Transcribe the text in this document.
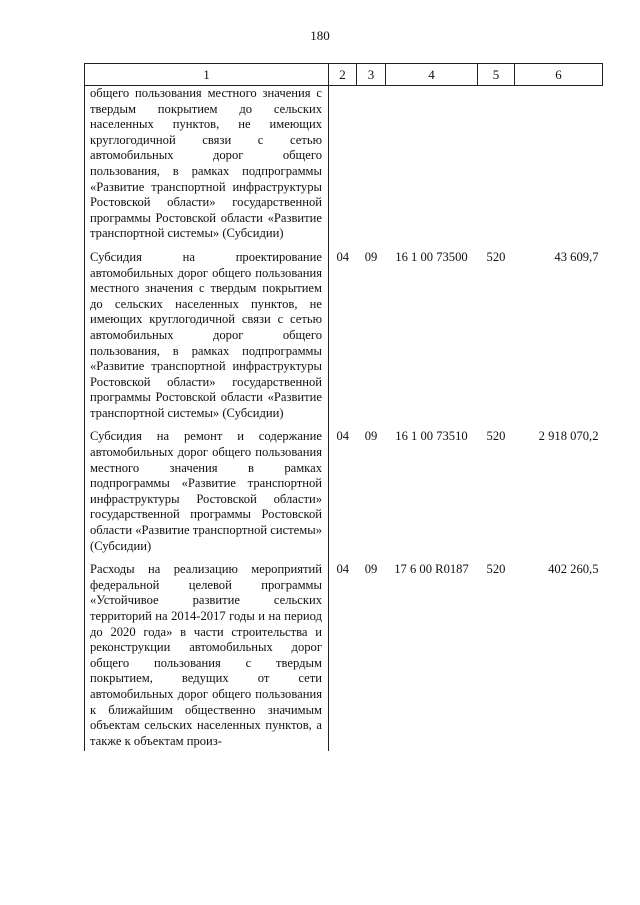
180
1	2	3	4	5	6
общего пользования местного значения с твердым покрытием до сельских населенных пунктов, не имеющих круглогодичной связи с сетью автомобильных дорог общего пользования, в рамках подпрограммы «Развитие транспортной инфраструктуры Ростовской области» государственной программы Ростовской области «Развитие транспортной системы» (Субсидии)					
Субсидия на проектирование автомобильных дорог общего пользования местного значения с твердым покрытием до сельских населенных пунктов, не имеющих круглогодичной связи с сетью автомобильных дорог общего пользования, в рамках подпрограммы «Развитие транспортной инфраструктуры Ростовской области» государственной программы Ростовской области «Развитие транспортной системы» (Субсидии)	04	09	16 1 00 73500	520	43 609,7
Субсидия на ремонт и содержание автомобильных дорог общего пользования местного значения в рамках подпрограммы «Развитие транспортной инфраструктуры Ростовской области» государственной программы Ростовской области «Развитие транспортной системы» (Субсидии)	04	09	16 1 00 73510	520	2 918 070,2
Расходы на реализацию мероприятий федеральной целевой программы «Устойчивое развитие сельских территорий на 2014-2017 годы и на период до 2020 года» в части строительства и реконструкции автомобильных дорог общего пользования с твердым покрытием, ведущих от сети автомобильных дорог общего пользования к ближайшим общественно значимым объектам сельских населенных пунктов, а также к объектам произ-	04	09	17 6 00 R0187	520	402 260,5
